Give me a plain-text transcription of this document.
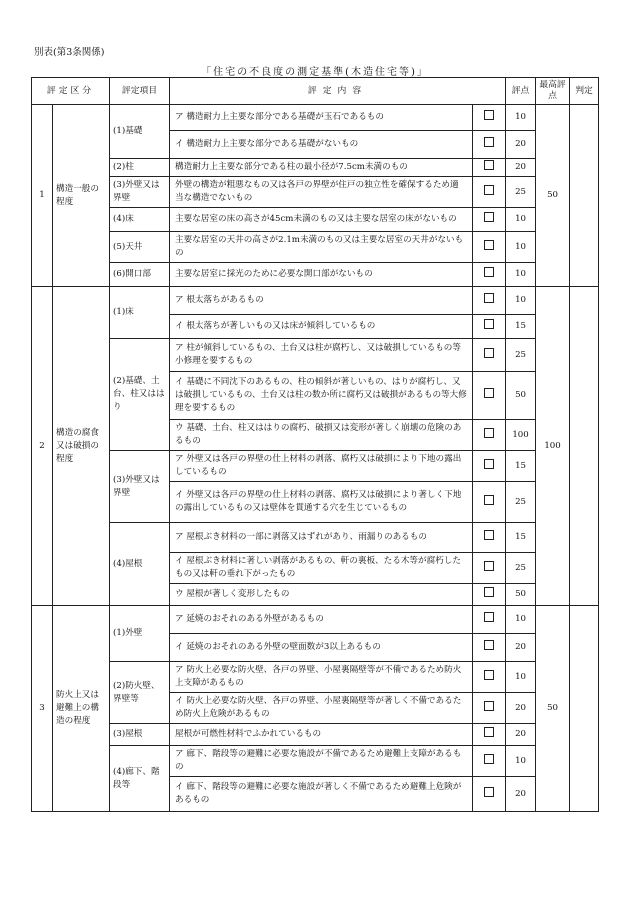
別表(第3条関係)
「住宅の不良度の測定基準(木造住宅等)」
評定区分		評定項目	評定内容		評点	最高評点	判定
1	構造一般の程度	(1)基礎	ア 構造耐力上主要な部分である基礎が玉石であるもの		10	50	
			イ 構造耐力上主要な部分である基礎がないもの		20		
		(2)柱	構造耐力上主要な部分である柱の最小径が7.5cm未満のもの		20		
		(3)外壁又は界壁	外壁の構造が粗悪なもの又は各戸の界壁が住戸の独立性を確保するため適当な構造でないもの		25		
		(4)床	主要な居室の床の高さが45cm未満のもの又は主要な居室の床がないもの		10		
		(5)天井	主要な居室の天井の高さが2.1m未満のもの又は主要な居室の天井がないもの		10		
		(6)開口部	主要な居室に採光のために必要な開口部がないもの		10		
2	構造の腐食又は破損の程度	(1)床	ア 根太落ちがあるもの		10	100	
			イ 根太落ちが著しいもの又は床が傾斜しているもの		15		
		(2)基礎、土台、柱又ははり	ア 柱が傾斜しているもの、土台又は柱が腐朽し、又は破損しているもの等小修理を要するもの		25		
			イ 基礎に不同沈下のあるもの、柱の傾斜が著しいもの、はりが腐朽し、又は破損しているもの、土台又は柱の数か所に腐朽又は破損があるもの等大修理を要するもの		50		
			ウ 基礎、土台、柱又ははりの腐朽、破損又は変形が著しく崩壊の危険のあるもの		100		
		(3)外壁又は界壁	ア 外壁又は各戸の界壁の仕上材料の剥落、腐朽又は破損により下地の露出しているもの		15		
			イ 外壁又は各戸の界壁の仕上材料の剥落、腐朽又は破損により著しく下地の露出しているもの又は壁体を貫通する穴を生じているもの		25		
		(4)屋根	ア 屋根ぶき材料の一部に剥落又はずれがあり、雨漏りのあるもの		15		
			イ 屋根ぶき材料に著しい剥落があるもの、軒の裏板、たる木等が腐朽したもの又は軒の垂れ下がったもの		25		
			ウ 屋根が著しく変形したもの		50		
3	防火上又は避難上の構造の程度	(1)外壁	ア 延焼のおそれのある外壁があるもの		10	50	
			イ 延焼のおそれのある外壁の壁面数が3以上あるもの		20		
		(2)防火壁、界壁等	ア 防火上必要な防火壁、各戸の界壁、小屋裏隔壁等が不備であるため防火上支障があるもの		10		
			イ 防火上必要な防火壁、各戸の界壁、小屋裏隔壁等が著しく不備であるため防火上危険があるもの		20		
		(3)屋根	屋根が可燃性材料でふかれているもの		20		
		(4)廊下、階段等	ア 廊下、階段等の避難に必要な施設が不備であるため避難上支障があるもの		10		
			イ 廊下、階段等の避難に必要な施設が著しく不備であるため避難上危険があるもの		20		
